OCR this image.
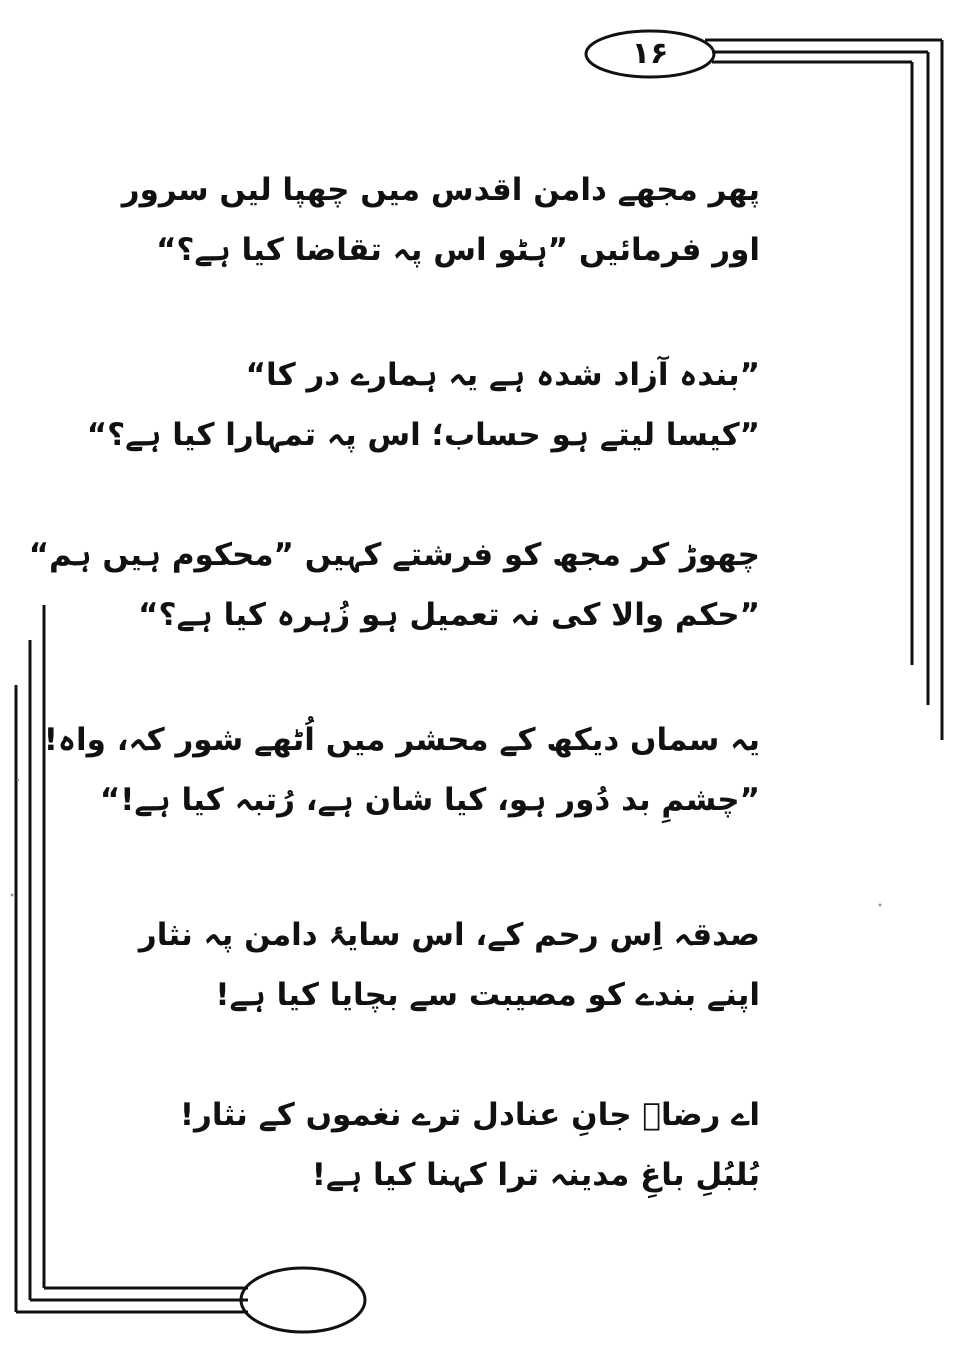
۱۶
پھر مجھے دامن اقدس میں چھپا لیں سرور
اور فرمائیں ”ہٹو اس پہ تقاضا کیا ہے؟“
”بندہ آزاد شدہ ہے یہ ہمارے در کا“
”کیسا لیتے ہو حساب؛ اس پہ تمہارا کیا ہے؟“
چھوڑ کر مجھ کو فرشتے کہیں ”محکوم ہیں ہم“
”حکم والا کی نہ تعمیل ہو زُہرہ کیا ہے؟“
یہ سماں دیکھ کے محشر میں اُٹھے شور کہ، واہ!
”چشمِ بد دُور ہو، کیا شان ہے، رُتبہ کیا ہے!“
صدقہ اِس رحم کے، اس سایۂ دامن پہ نثار
اپنے بندے کو مصیبت سے بچایا کیا ہے!
اے رضاؔ جانِ عنادل ترے نغموں کے نثار!
بُلبُلِ باغِ مدینہ ترا کہنا کیا ہے!
